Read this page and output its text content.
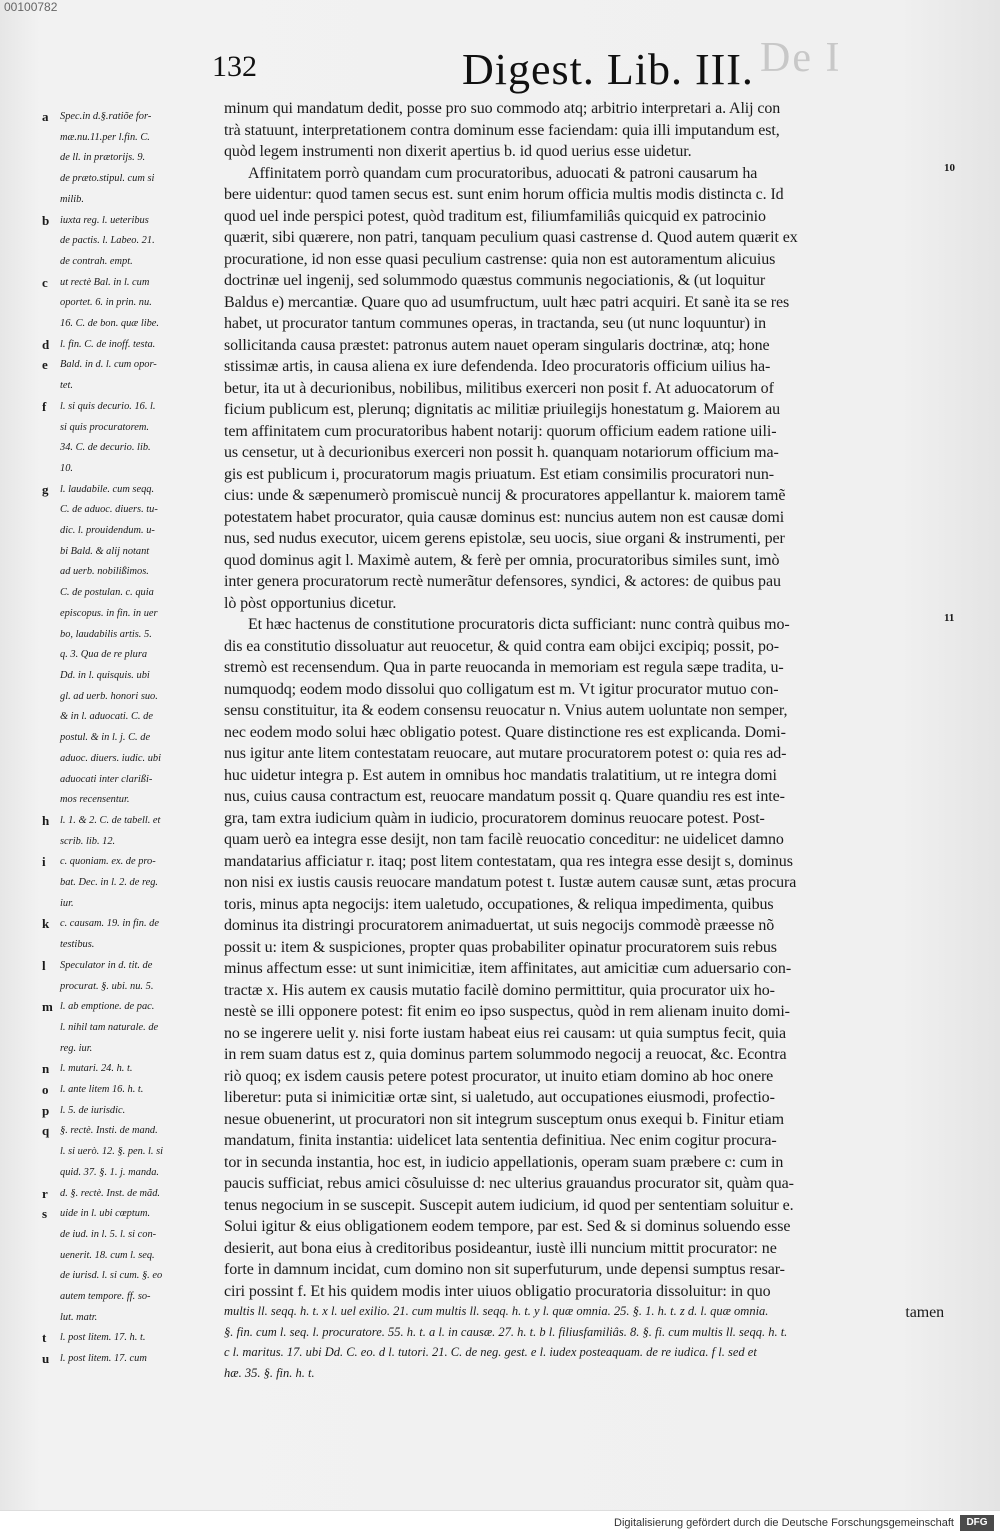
00100782
De I
132	Digest. Lib. III.
a Spec.in d.§.ratiõe for-
mæ.nu.11.per l.fin. C.
de ll. in prætorijs. 9.
de præto.stipul. cum si
milib.
b iuxta reg. l. ueteribus
de pactis. l. Labeo. 21.
de contrah. empt.
c ut rectè Bal. in l. cum
oportet. 6. in prin. nu.
16. C. de bon. quæ libe.
d l. fin. C. de inoff. testa.
e Bald. in d. l. cum opor-
tet.
f l. si quis decurio. 16. l.
si quis procuratorem.
34. C. de decurio. lib.
10.
g l. laudabile. cum seqq.
C. de aduoc. diuers. tu-
dic. l. prouidendum. u-
bi Bald. & alij notant
ad uerb. nobilißimos.
C. de postulan. c. quia
episcopus. in fin. in uer
bo, laudabilis artis. 5.
q. 3. Qua de re plura
Dd. in l. quisquis. ubi
gl. ad uerb. honori suo.
& in l. aduocati. C. de
postul. & in l. j. C. de
aduoc. diuers. iudic. ubi
aduocati inter clarißi-
mos recensentur.
h l. 1. & 2. C. de tabell. et
scrib. lib. 12.
i c. quoniam. ex. de pro-
bat. Dec. in l. 2. de reg.
iur.
k c. causam. 19. in fin. de
testibus.
l Speculator in d. tit. de
procurat. §. ubi. nu. 5.
m l. ab emptione. de pac.
l. nihil tam naturale. de
reg. iur.
n l. mutari. 24. h. t.
o l. ante litem 16. h. t.
p l. 5. de iurisdic.
q §. rectè. Insti. de mand.
l. si uerò. 12. §. pen. l. si
quid. 37. §. 1. j. manda.
r d. §. rectè. Inst. de mãd.
s uide in l. ubi cœptum.
de iud. in l. 5. l. si con-
uenerit. 18. cum l. seq.
de iurisd. l. si cum. §. eo
autem tempore. ff. so-
lut. matr.
t l. post litem. 17. h. t.
u l. post litem. 17. cum
minum qui mandatum dedit, posse pro suo commodo atq; arbitrio interpretari a. Alij con
trà statuunt, interpretationem contra dominum esse faciendam: quia illi imputandum est,
quòd legem instrumenti non dixerit apertius b. id quod uerius esse uidetur.
Affinitatem porrò quandam cum procuratoribus, aduocati & patroni causarum ha
bere uidentur: quod tamen secus est. sunt enim horum officia multis modis distincta c. Id
quod uel inde perspici potest, quòd traditum est, filiumfamiliâs quicquid ex patrocinio
quærit, sibi quærere, non patri, tanquam peculium quasi castrense d. Quod autem quærit ex
procuratione, id non esse quasi peculium castrense: quia non est autoramentum alicuius
doctrinæ uel ingenij, sed solummodo quæstus communis negociationis, & (ut loquitur
Baldus e) mercantiæ. Quare quo ad usumfructum, uult hæc patri acquiri. Et sanè ita se res
habet, ut procurator tantum communes operas, in tractanda, seu (ut nunc loquuntur) in
sollicitanda causa præstet: patronus autem nauet operam singularis doctrinæ, atq; hone
stissimæ artis, in causa aliena ex iure defendenda. Ideo procuratoris officium uilius ha-
betur, ita ut à decurionibus, nobilibus, militibus exerceri non posit f. At aduocatorum of
ficium publicum est, plerunq; dignitatis ac militiæ priuilegijs honestatum g. Maiorem au
tem affinitatem cum procuratoribus habent notarij: quorum officium eadem ratione uili-
us censetur, ut à decurionibus exerceri non possit h. quanquam notariorum officium ma-
gis est publicum i, procuratorum magis priuatum. Est etiam consimilis procuratori nun-
cius: unde & sæpenumerò promiscuè nuncij & procuratores appellantur k. maiorem tamẽ
potestatem habet procurator, quia causæ dominus est: nuncius autem non est causæ domi
nus, sed nudus executor, uicem gerens epistolæ, seu uocis, siue organi & instrumenti, per
quod dominus agit l. Maximè autem, & ferè per omnia, procuratoribus similes sunt, imò
inter genera procuratorum rectè numerãtur defensores, syndici, & actores: de quibus pau
lò pòst opportunius dicetur.
Et hæc hactenus de constitutione procuratoris dicta sufficiant: nunc contrà quibus mo-
dis ea constitutio dissoluatur aut reuocetur, & quid contra eam obijci excipiq; possit, po-
stremò est recensendum. Qua in parte reuocanda in memoriam est regula sæpe tradita, u-
numquodq; eodem modo dissolui quo colligatum est m. Vt igitur procurator mutuo con-
sensu constituitur, ita & eodem consensu reuocatur n. Vnius autem uoluntate non semper,
nec eodem modo solui hæc obligatio potest. Quare distinctione res est explicanda. Domi-
nus igitur ante litem contestatam reuocare, aut mutare procuratorem potest o: quia res ad-
huc uidetur integra p. Est autem in omnibus hoc mandatis tralatitium, ut re integra domi
nus, cuius causa contractum est, reuocare mandatum possit q. Quare quandiu res est inte-
gra, tam extra iudicium quàm in iudicio, procuratorem dominus reuocare potest. Post-
quam uerò ea integra esse desijt, non tam facilè reuocatio conceditur: ne uidelicet damno
mandatarius afficiatur r. itaq; post litem contestatam, qua res integra esse desijt s, dominus
non nisi ex iustis causis reuocare mandatum potest t. Iustæ autem causæ sunt, ætas procura
toris, minus apta negocijs: item ualetudo, occupationes, & reliqua impedimenta, quibus
dominus ita distringi procuratorem animaduertat, ut suis negocijs commodè præesse nõ
possit u: item & suspiciones, propter quas probabiliter opinatur procuratorem suis rebus
minus affectum esse: ut sunt inimicitiæ, item affinitates, aut amicitiæ cum aduersario con-
tractæ x. His autem ex causis mutatio facilè domino permittitur, quia procurator uix ho-
nestè se illi opponere potest: fit enim eo ipso suspectus, quòd in rem alienam inuito domi-
no se ingerere uelit y. nisi forte iustam habeat eius rei causam: ut quia sumptus fecit, quia
in rem suam datus est z, quia dominus partem solummodo negocij a reuocat, &c. Econtra
riò quoq; ex isdem causis petere potest procurator, ut inuito etiam domino ab hoc onere
liberetur: puta si inimicitiæ ortæ sint, si ualetudo, aut occupationes eiusmodi, profectio-
nesue obuenerint, ut procuratori non sit integrum susceptum onus exequi b. Finitur etiam
mandatum, finita instantia: uidelicet lata sententia definitiua. Nec enim cogitur procura-
tor in secunda instantia, hoc est, in iudicio appellationis, operam suam præbere c: cum in
paucis sufficiat, rebus amici cõsuluisse d: nec ulterius grauandus procurator sit, quàm qua-
tenus negocium in se suscepit. Suscepit autem iudicium, id quod per sententiam soluitur e.
Solui igitur & eius obligationem eodem tempore, par est. Sed & si dominus soluendo esse
desierit, aut bona eius à creditoribus posideantur, iustè illi nuncium mittit procurator: ne
forte in damnum incidat, cum domino non sit superfuturum, unde depensi sumptus resar-
ciri possint f. Et his quidem modis inter uiuos obligatio procuratoria dissoluitur: in quo
tamen
10
11
multis ll. seqq. h. t. x l. uel exilio. 21. cum multis ll. seqq. h. t. y l. quæ omnia. 25. §. 1. h. t. z d. l. quæ omnia.
§. fin. cum l. seq. l. procuratore. 55. h. t. a l. in causæ. 27. h. t. b l. filiusfamiliâs. 8. §. fi. cum multis ll. seqq. h. t.
c l. maritus. 17. ubi Dd. C. eo. d l. tutori. 21. C. de neg. gest. e l. iudex posteaquam. de re iudica. f l. sed et
hæ. 35. §. fin. h. t.
Digitalisierung gefördert durch die Deutsche Forschungsgemeinschaft	DFG
